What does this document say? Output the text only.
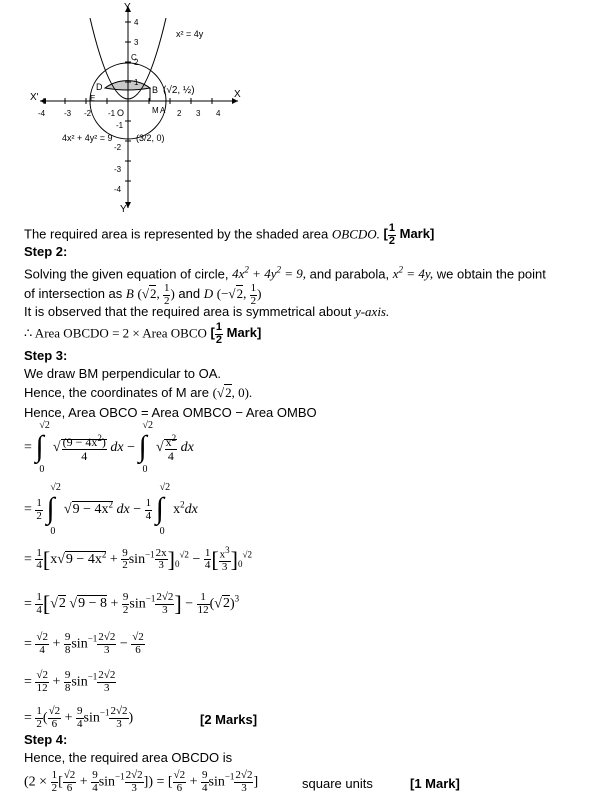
Y
X
X'
Y'
-4 -3 -2 -1	2 3 4
4
3
2
1
-1
-2
-3
-4
O
D
E
C
B (√2, ½)
M A
(3/2, 0)
x² = 4y
4x² + 4y² = 9
The required area is represented by the shaded area OBCDO. [ $\frac{1}{2}$ Mark]
Step 2:
Solving the given equation of circle, $4x^2 + 4y^2 = 9$, and parabola, $x^2 = 4y$, we obtain the point
of intersection as B (√2, $\frac{1}{2}$ ) and D (−√2, $\frac{1}{2}$ )
It is observed that the required area is symmetrical about y-axis.
∴ Area OBCDO = 2 × Area OBCO [ $\frac{1}{2}$ Mark]
Step 3:
We draw BM perpendicular to OA.
Hence, the coordinates of M are (√2, 0).
Hence, Area OBCO = Area OMBCO − Area OMBO
=
√2
∫
0
√ $\frac{(9 - 4x^2)}{4}$ dx −
√2
∫
0
√ $\frac{x^2}{4}$ dx
= $\frac{1}{2}$

√2
∫
0
$√9 - 4x^2$ dx − $\frac{1}{4}$

√2
∫
0
$x^2dx$
= $\frac{1}{4} [x√9 - 4x^2 + \frac{9}{2} \sin^{-1} \frac{2x}{3} ]_0^{√2} - \frac{1}{4}$ [ $\frac{x^3}{3} ]_0^{√2}$
= $\frac{1}{4} [√2$ $√9 - 8 + \frac{9}{2} \sin^{-1} \frac{2√2}{3}$ ] − $\frac{1}{12} (√2)^3$
= $\frac{√2}{4} + \frac{9}{8} \sin^{-1} \frac{2√2}{3} - \frac{√2}{6}$
= $\frac{√2}{12} + \frac{9}{8} \sin^{-1} \frac{2√2}{3}$
= $\frac{1}{2}$ ( $\frac{√2}{6} + \frac{9}{4} \sin^{-1} \frac{2√2}{3}$ )	[2 Marks]
Step 4:
Hence, the required area OBCDO is
($2 \times \frac{1}{2}$ [ $\frac{√2}{6} + \frac{9}{4} \sin^{-1} \frac{2√2}{3}$ ]) = [ $\frac{√2}{6} + \frac{9}{4} \sin^{-1} \frac{2√2}{3}$ ]	square units	[1 Mark]
